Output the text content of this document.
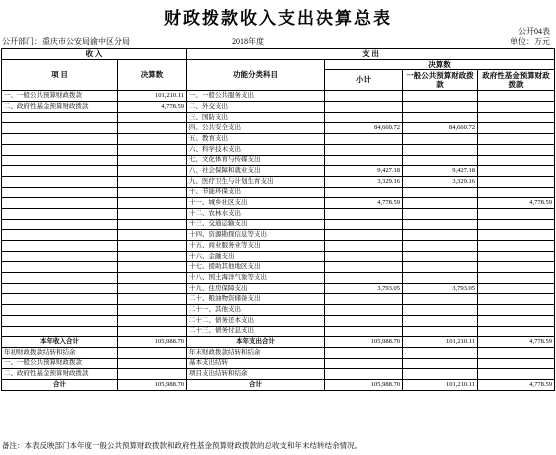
财政拨款收入支出决算总表
公开04表
公开部门：重庆市公安局渝中区分局	2018年度	单位：万元
收 入		支 出			
项 目	决算数	功能分类科目	决算数		
			小计	一般公共预算财政拨款	政府性基金预算财政拨款
一、一般公共预算财政拨款	101,210.11	一、一般公共服务支出			
二、政府性基金预算财政拨款	4,778.59	二、外交支出			
		三、国防支出			
		四、公共安全支出	84,660.72	84,660.72	
		五、教育支出			
		六、科学技术支出			
		七、文化体育与传媒支出			
		八、社会保障和就业支出	9,427.18	9,427.18	
		九、医疗卫生与计划生育支出	3,329.16	3,329.16	
		十、节能环保支出			
		十一、城乡社区支出	4,778.59		4,778.59
		十二、农林水支出			
		十三、交通运输支出			
		十四、资源勘探信息等支出			
		十五、商业服务业等支出			
		十六、金融支出			
		十七、援助其他地区支出			
		十八、国土海洋气象等支出			
		十九、住房保障支出	3,793.05	3,793.05	
		二十、粮油物资储备支出			
		二十一、其他支出			
		二十二、债务还本支出			
		二十三、债务付息支出			
本年收入合计	105,988.70	本年支出合计	105,988.70	101,210.11	4,778.59
年初财政拨款结转和结余		年末财政拨款结转和结余			
一、一般公共预算财政拨款		基本支出结转			
二、政府性基金预算财政拨款		项目支出结转和结余			
合计	105,988.70	合计	105,988.70	101,210.11	4,778.59
备注：本表反映部门本年度一般公共预算财政拨款和政府性基金预算财政拨款的总收支和年末结转结余情况。
